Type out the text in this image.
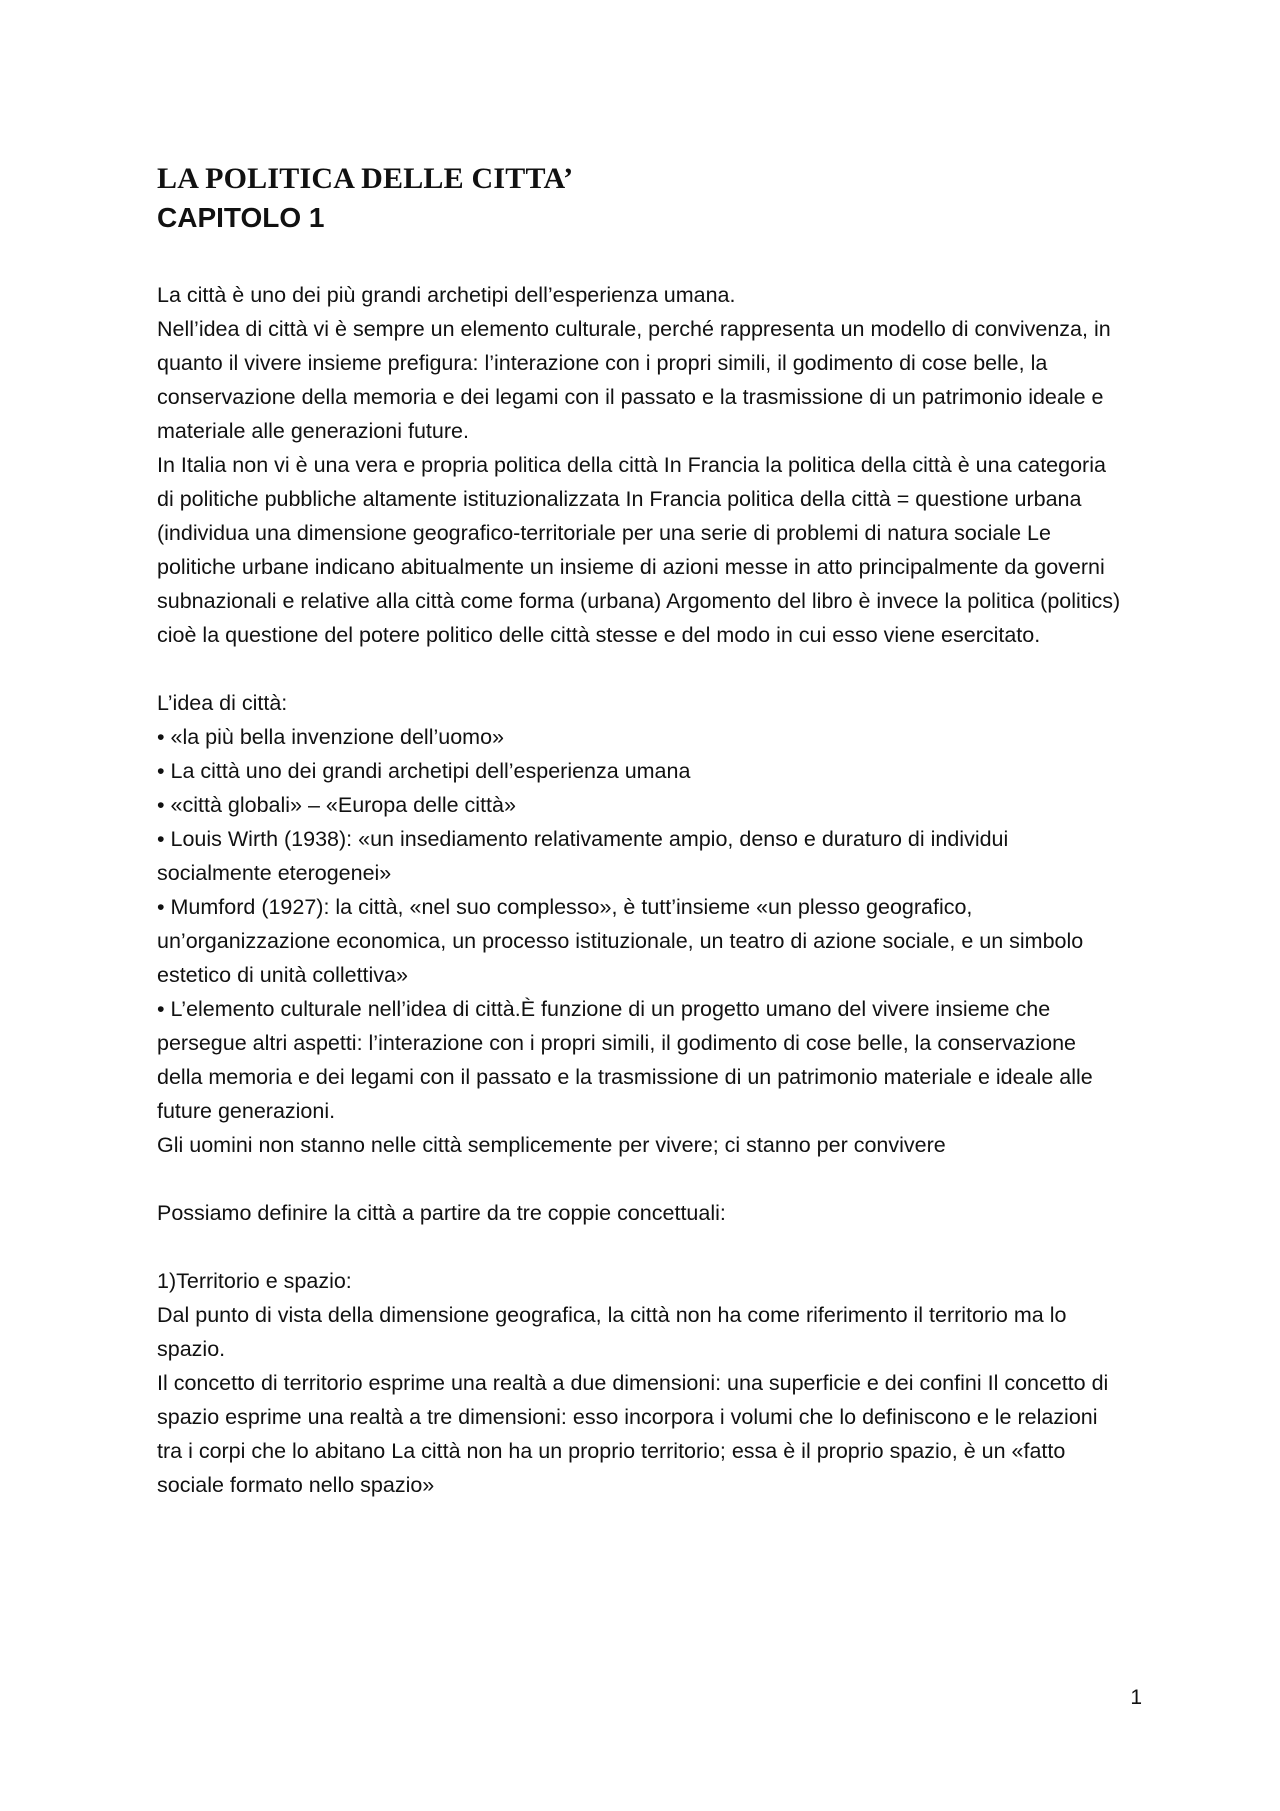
LA POLITICA DELLE CITTA’
CAPITOLO 1

La città è uno dei più grandi archetipi dell’esperienza umana.

Nell’idea di città vi è sempre un elemento culturale, perché rappresenta un modello di convivenza, in quanto il vivere insieme prefigura: l’interazione con i propri simili, il godimento di cose belle, la conservazione della memoria e dei legami con il passato e la trasmissione di un patrimonio ideale e materiale alle generazioni future.

In Italia non vi è una vera e propria politica della città In Francia la politica della città è una categoria di politiche pubbliche altamente istituzionalizzata In Francia politica della città = questione urbana (individua una dimensione geografico-territoriale per una serie di problemi di natura sociale Le politiche urbane indicano abitualmente un insieme di azioni messe in atto principalmente da governi subnazionali e relative alla città come forma (urbana) Argomento del libro è invece la politica (politics) cioè la questione del potere politico delle città stesse e del modo in cui esso viene esercitato.

L’idea di città:

• «la più bella invenzione dell’uomo»
• La città uno dei grandi archetipi dell’esperienza umana
• «città globali» – «Europa delle città»
• Louis Wirth (1938): «un insediamento relativamente ampio, denso e duraturo di individui socialmente eterogenei»
• Mumford (1927): la città, «nel suo complesso», è tutt’insieme «un plesso geografico, un’organizzazione economica, un processo istituzionale, un teatro di azione sociale, e un simbolo estetico di unità collettiva»
• L’elemento culturale nell’idea di città.È funzione di un progetto umano del vivere insieme che persegue altri aspetti: l’interazione con i propri simili, il godimento di cose belle, la conservazione della memoria e dei legami con il passato e la trasmissione di un patrimonio materiale e ideale alle future generazioni.

Gli uomini non stanno nelle città semplicemente per vivere; ci stanno per convivere

Possiamo definire la città a partire da tre coppie concettuali:

1)Territorio e spazio:

Dal punto di vista della dimensione geografica, la città non ha come riferimento il territorio ma lo spazio.

Il concetto di territorio esprime una realtà a due dimensioni: una superficie e dei confini Il concetto di spazio esprime una realtà a tre dimensioni: esso incorpora i volumi che lo definiscono e le relazioni tra i corpi che lo abitano La città non ha un proprio territorio; essa è il proprio spazio, è un «fatto sociale formato nello spazio»

1
